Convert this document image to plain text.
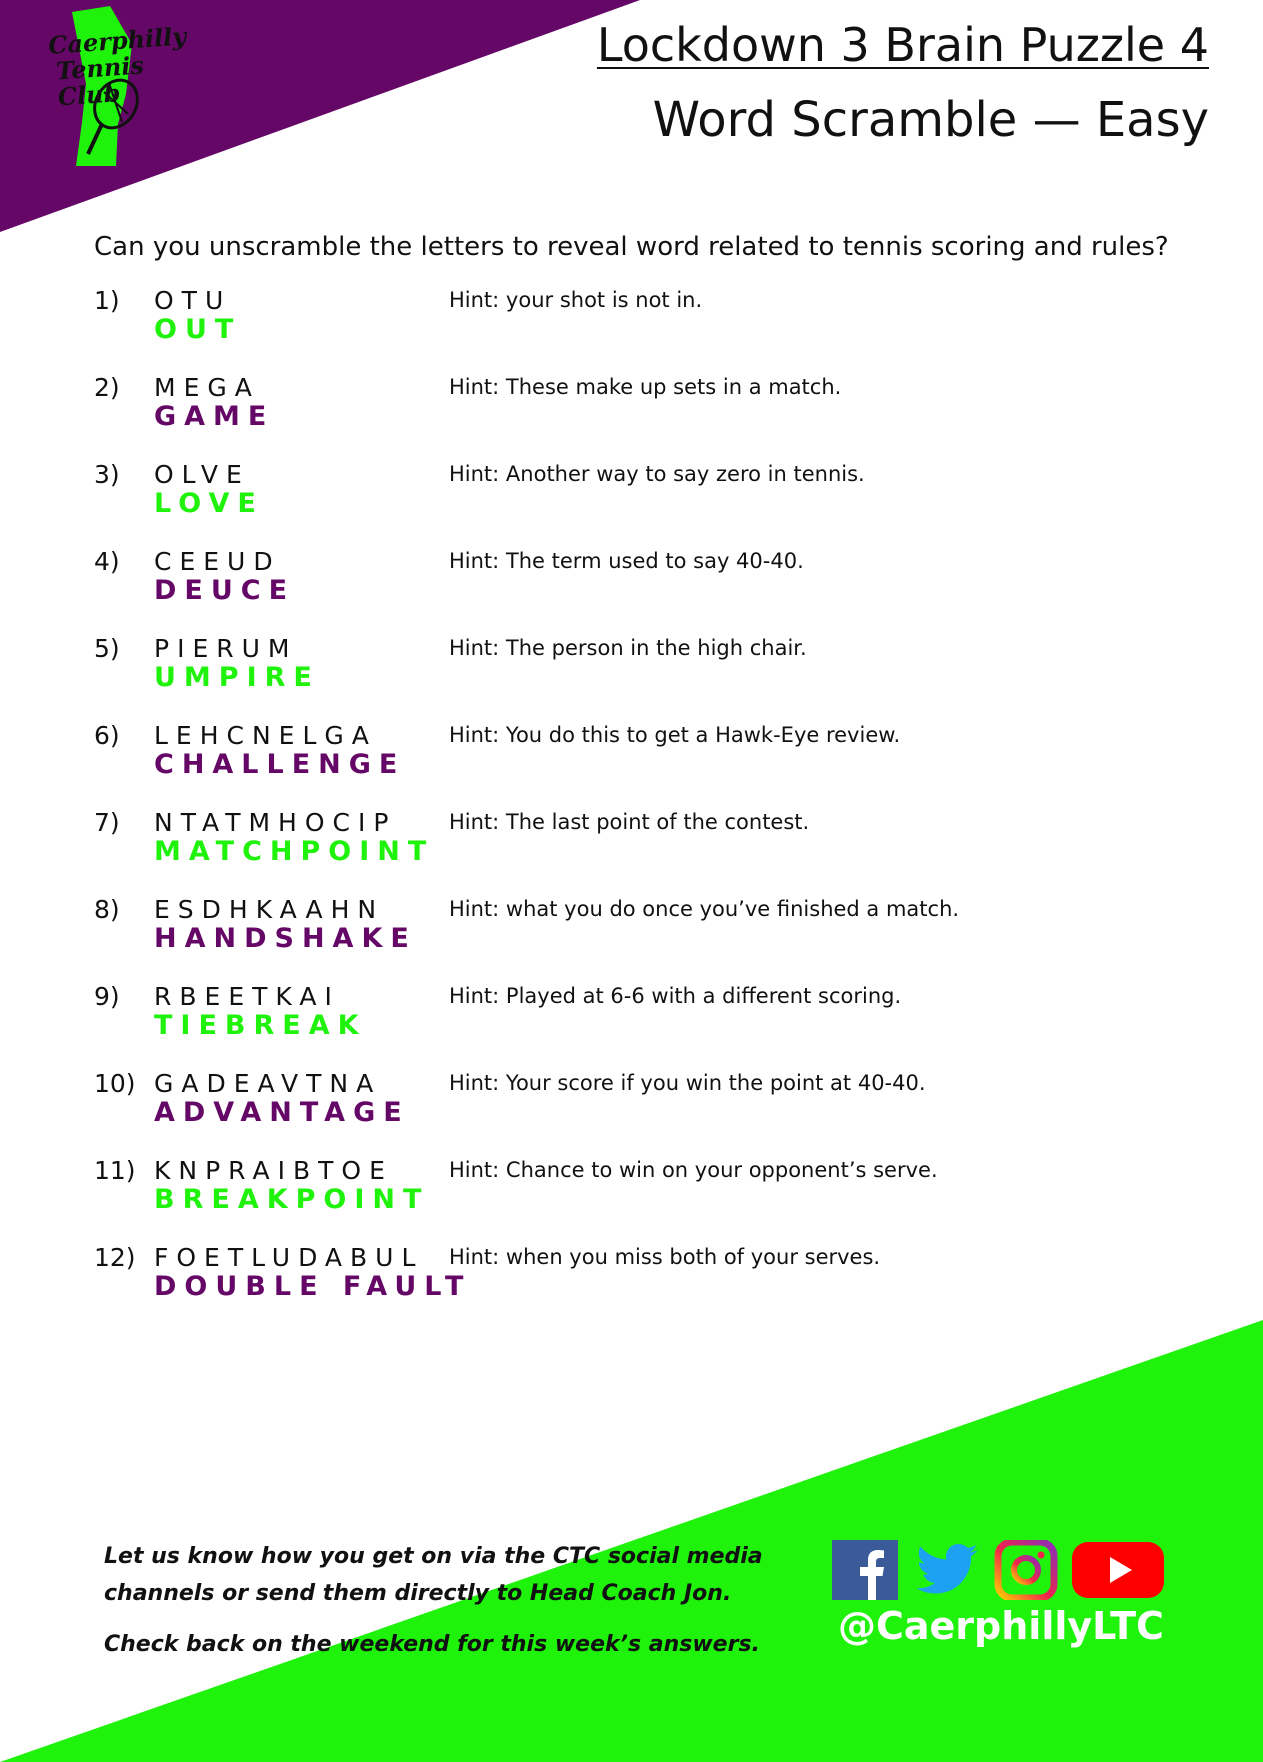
Caerphilly
Tennis Club
Lockdown 3 Brain Puzzle 4
Word Scramble — Easy
Can you unscramble the letters to reveal word related to tennis scoring and rules?
1) OTU
OUT
Hint: your shot is not in.
2) MEGA
GAME
Hint: These make up sets in a match.
3) OLVE
LOVE
Hint: Another way to say zero in tennis.
4) CEEUD
DEUCE
Hint: The term used to say 40-40.
5) PIERUM
UMPIRE
Hint: The person in the high chair.
6) LEHCNELGA
CHALLENGE
Hint: You do this to get a Hawk-Eye review.
7) NTATMHOCIP
MATCHPOINT
Hint: The last point of the contest.
8) ESDHKAAHN
HANDSHAKE
Hint: what you do once you’ve finished a match.
9) RBEETKAI
TIEBREAK
Hint: Played at 6-6 with a different scoring.
10) GADEAVTNA
ADVANTAGE
Hint: Your score if you win the point at 40-40.
11) KNPRAIBTOE
BREAKPOINT
Hint: Chance to win on your opponent’s serve.
12) FOETLUDABUL
DOUBLE FAULT
Hint: when you miss both of your serves.

Let us know how you get on via the CTC social media

channels or send them directly to Head Coach Jon.

Check back on the weekend for this week’s answers. @CaerphillyLTC
